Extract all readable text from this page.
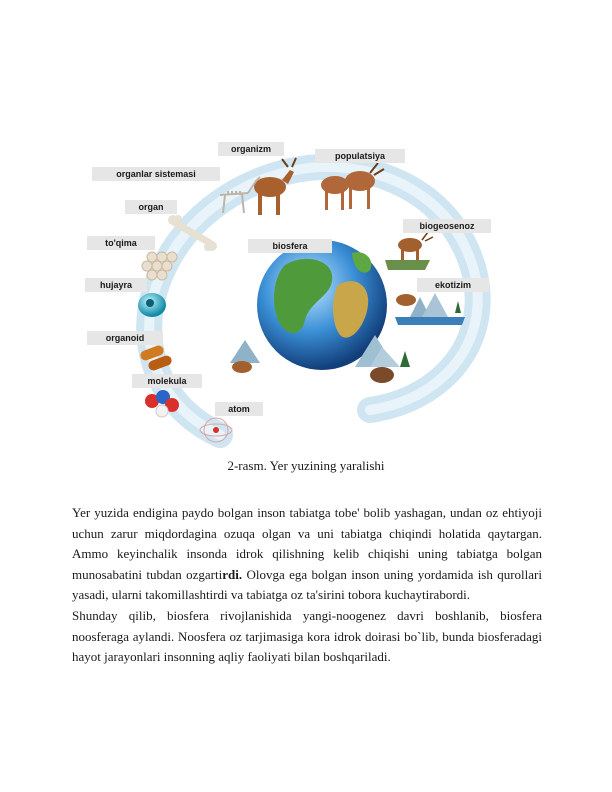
organizm
populatsiya
organlar sistemasi
organ
to'qima
biogeosenoz
biosfera
hujayra	ekotizim
organoid
molekula
atom
2-rasm. Yer yuzining yaralishi

Yer yuzida endigina paydo bolgan inson tabiatga tobe' bolib yashagan, undan oz ehtiyoji uchun zarur miqdordagina ozuqa olgan va uni tabiatga chiqindi holatida qaytargan. Ammo keyinchalik insonda idrok qilishning kelib chiqishi uning tabiatga bolgan munosabatini tubdan ozgartirdi. Olovga ega bolgan inson uning yordamida ish qurollari yasadi, ularni takomillashtirdi va tabiatga oz ta'sirini tobora kuchaytirabordi.

Shunday qilib, biosfera rivojlanishida yangi-noogenez davri boshlanib, biosfera noosferaga aylandi. Noosfera oz tarjimasiga kora idrok doirasi bo`lib, bunda biosferadagi hayot jarayonlari insonning aqliy faoliyati bilan boshqariladi.
